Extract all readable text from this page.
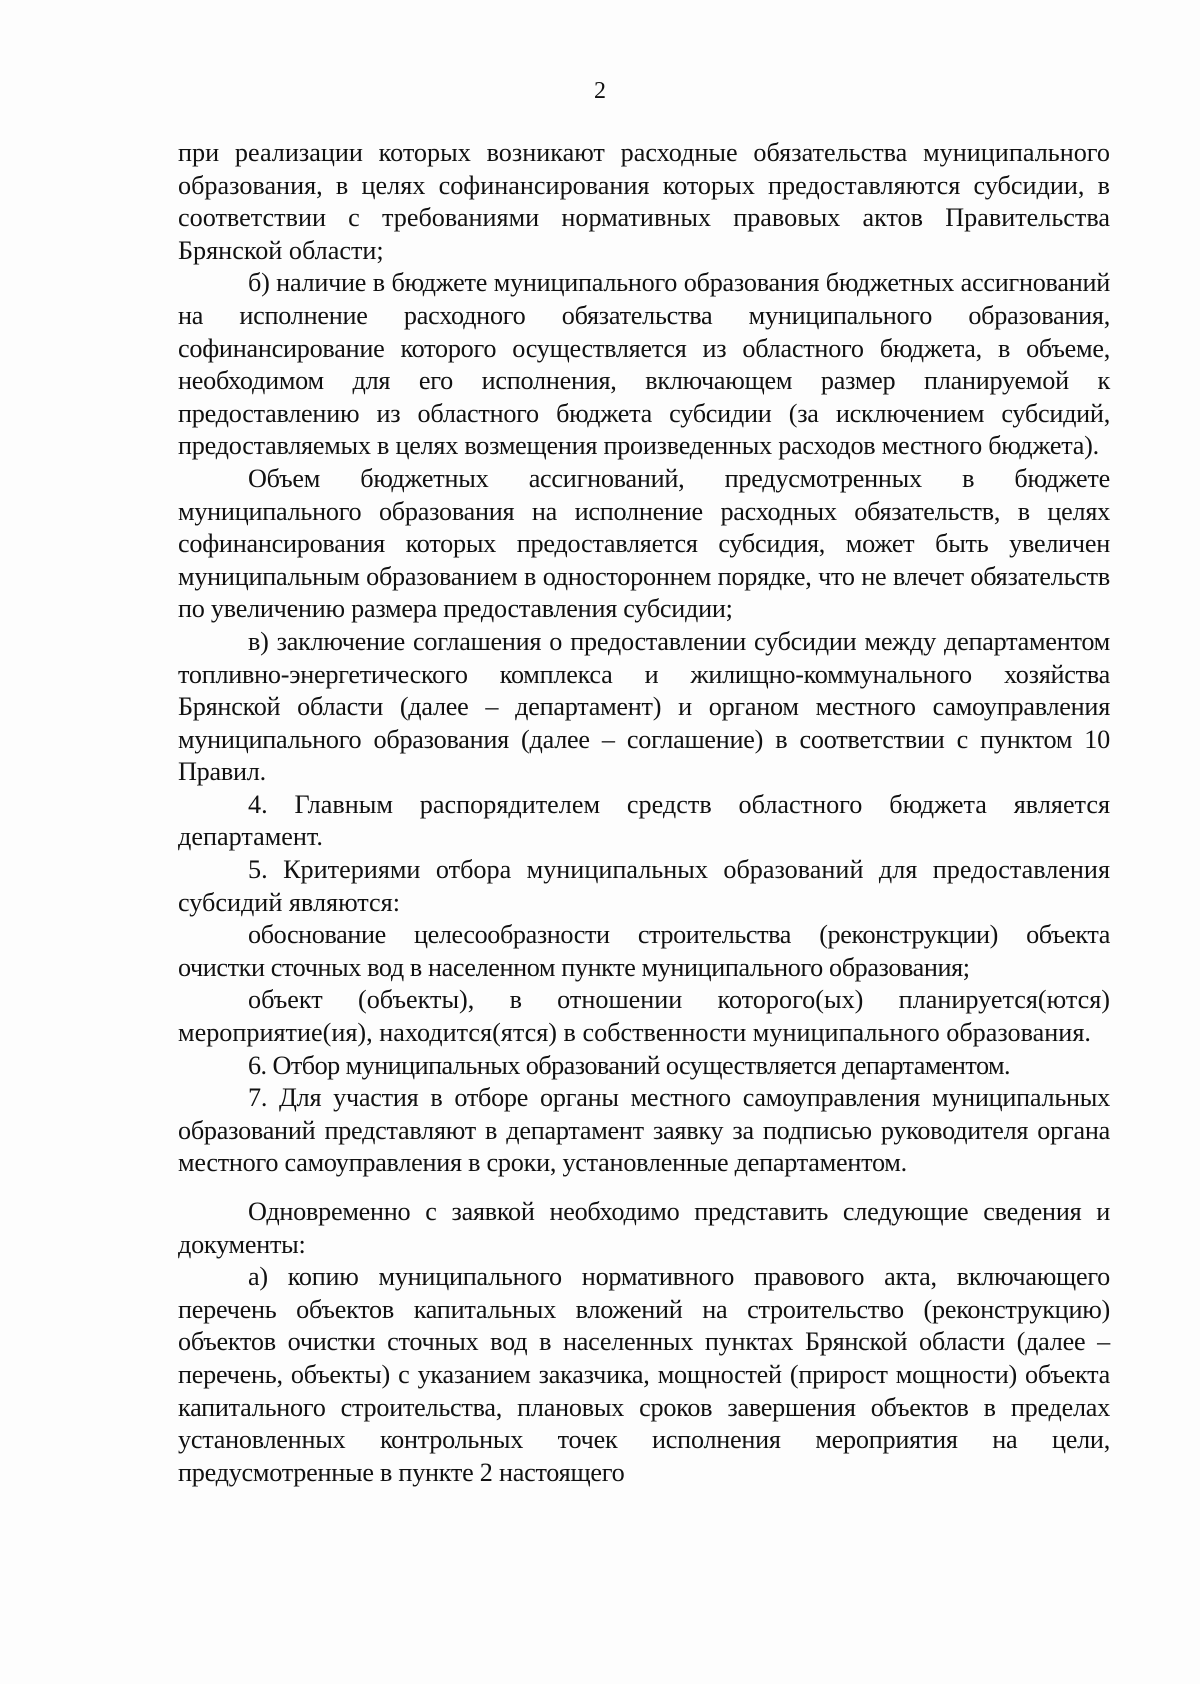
2

при реализации которых возникают расходные обязательства муниципального образования, в целях софинансирования которых предоставляются субсидии, в соответствии с требованиями нормативных правовых актов Правительства Брянской области;

б) наличие в бюджете муниципального образования бюджетных ассигнований на исполнение расходного обязательства муниципального образования, софинансирование которого осуществляется из областного бюджета, в объеме, необходимом для его исполнения, включающем размер планируемой к предоставлению из областного бюджета субсидии (за исключением субсидий, предоставляемых в целях возмещения произведенных расходов местного бюджета).

Объем бюджетных ассигнований, предусмотренных в бюджете муниципального образования на исполнение расходных обязательств, в целях софинансирования которых предоставляется субсидия, может быть увеличен муниципальным образованием в одностороннем порядке, что не влечет обязательств по увеличению размера предоставления субсидии;

в) заключение соглашения о предоставлении субсидии между департаментом топливно-энергетического комплекса и жилищно-коммунального хозяйства Брянской области (далее – департамент) и органом местного самоуправления муниципального образования (далее – соглашение) в соответствии с пунктом 10 Правил.

4. Главным распорядителем средств областного бюджета является департамент.

5. Критериями отбора муниципальных образований для предоставления субсидий являются:

обоснование целесообразности строительства (реконструкции) объекта очистки сточных вод в населенном пункте муниципального образования;

объект (объекты), в отношении которого(ых) планируется(ются) мероприятие(ия), находится(ятся) в собственности муниципального образования.

6. Отбор муниципальных образований осуществляется департаментом.

7. Для участия в отборе органы местного самоуправления муниципальных образований представляют в департамент заявку за подписью руководителя органа местного самоуправления в сроки, установленные департаментом.

Одновременно с заявкой необходимо представить следующие сведения и документы:

а) копию муниципального нормативного правового акта, включающего перечень объектов капитальных вложений на строительство (реконструкцию) объектов очистки сточных вод в населенных пунктах Брянской области (далее – перечень, объекты) с указанием заказчика, мощностей (прирост мощности) объекта капитального строительства, плановых сроков завершения объектов в пределах установленных контрольных точек исполнения мероприятия на цели, предусмотренные в пункте 2 настоящего
